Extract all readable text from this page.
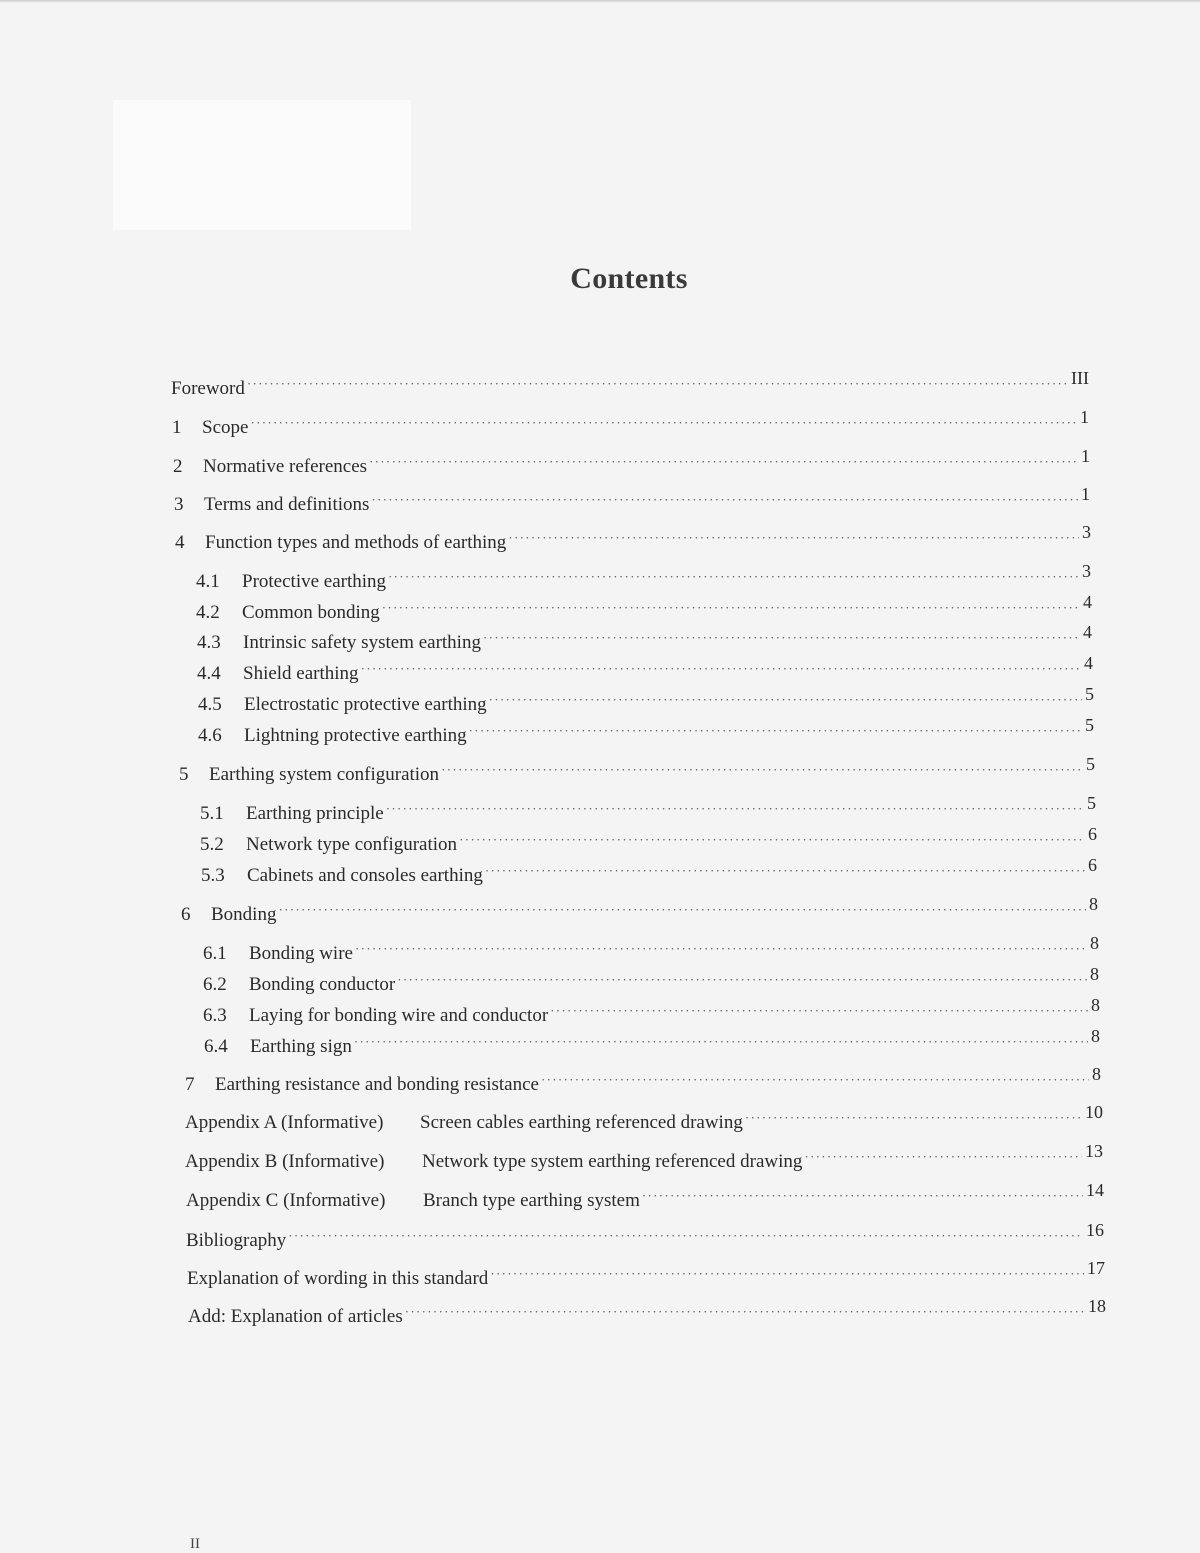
Contents
Foreword ·····	III
1	Scope ·····	1
2	Normative references ·····	1
3	Terms and definitions ·····	1
4	Function types and methods of earthing ·····	3
4.1	Protective earthing ·····	3
4.2	Common bonding ·····	4
4.3	Intrinsic safety system earthing ·····	4
4.4	Shield earthing ·····	4
4.5	Electrostatic protective earthing ·····	5
4.6	Lightning protective earthing ·····	5
5	Earthing system configuration ·····	5
5.1	Earthing principle ·····	5
5.2	Network type configuration ·····	6
5.3	Cabinets and consoles earthing ·····	6
6	Bonding ·····	8
6.1	Bonding wire ·····	8
6.2	Bonding conductor ·····	8
6.3	Laying for bonding wire and conductor ·····	8
6.4	Earthing sign ·····	8
7	Earthing resistance and bonding resistance ·····	8
Appendix A (Informative)	Screen cables earthing referenced drawing ·····	10
Appendix B (Informative)	Network type system earthing referenced drawing ·····	13
Appendix C (Informative)	Branch type earthing system ·····	14
Bibliography ·····	16
Explanation of wording in this standard ·····	17
Add: Explanation of articles ·····	18
II
